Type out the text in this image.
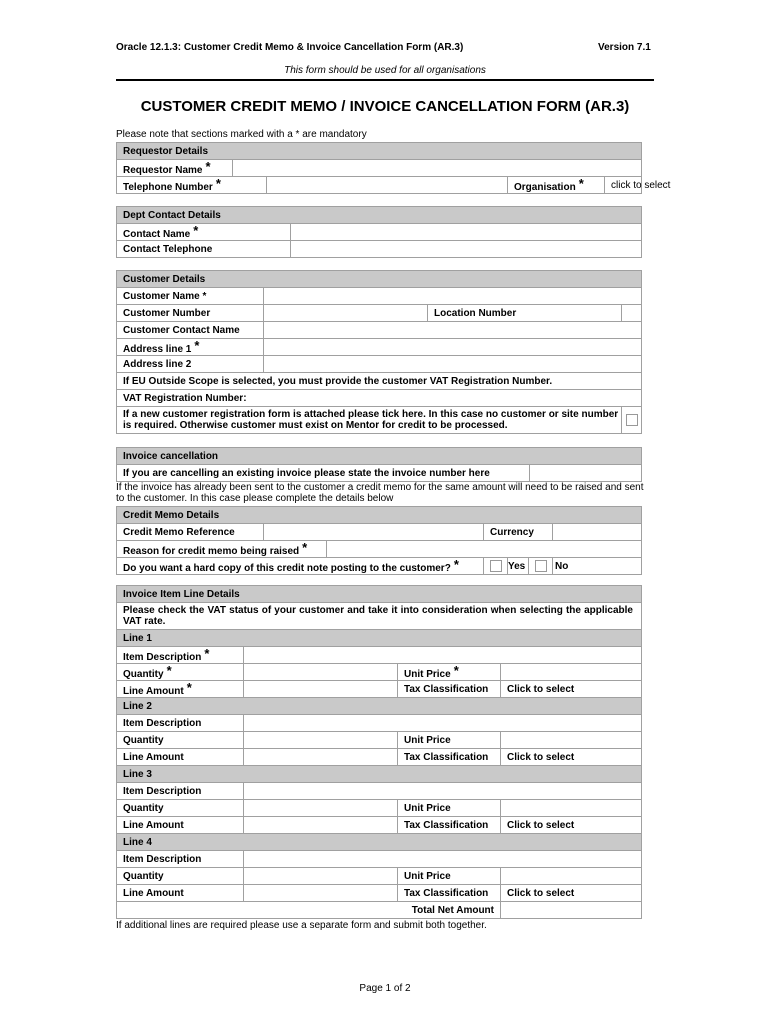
Oracle 12.1.3: Customer Credit Memo & Invoice Cancellation Form (AR.3)	Version 7.1
This form should be used for all organisations
CUSTOMER CREDIT MEMO / INVOICE CANCELLATION FORM (AR.3)
Please note that sections marked with a * are mandatory
Requestor Details				
Requestor Name *				
Telephone Number *			Organisation *	click to select
Dept Contact Details	
Contact Name *	
Contact Telephone	
Customer Details			
Customer Name *			
Customer Number		Location Number	
Customer Contact Name			
Address line 1 *			
Address line 2			
If EU Outside Scope is selected, you must provide the customer VAT Registration Number.			
VAT Registration Number:			
If a new customer registration form is attached please tick here. In this case no customer or site number is required. Otherwise customer must exist on Mentor for credit to be processed.			
Invoice cancellation
If you are cancelling an existing invoice please state the invoice number here	
If the invoice has already been sent to the customer a credit memo for the same amount will need to be raised and sent to the customer. In this case please complete the details below
Credit Memo Details						
Credit Memo Reference			Currency			
Reason for credit memo being raised *						
Do you want a hard copy of this credit note posting to the customer? *				Yes		No
Invoice Item Line Details			
Please check the VAT status of your customer and take it into consideration when selecting the applicable VAT rate.			
Line 1			
Item Description *			
Quantity *		Unit Price *	
Line Amount *		Tax Classification	Click to select
Line 2			
Item Description			
Quantity		Unit Price	
Line Amount		Tax Classification	Click to select
Line 3			
Item Description			
Quantity		Unit Price	
Line Amount		Tax Classification	Click to select
Line 4			
Item Description			
Quantity		Unit Price	
Line Amount		Tax Classification	Click to select
Total Net Amount			
If additional lines are required please use a separate form and submit both together.
Page 1 of 2
